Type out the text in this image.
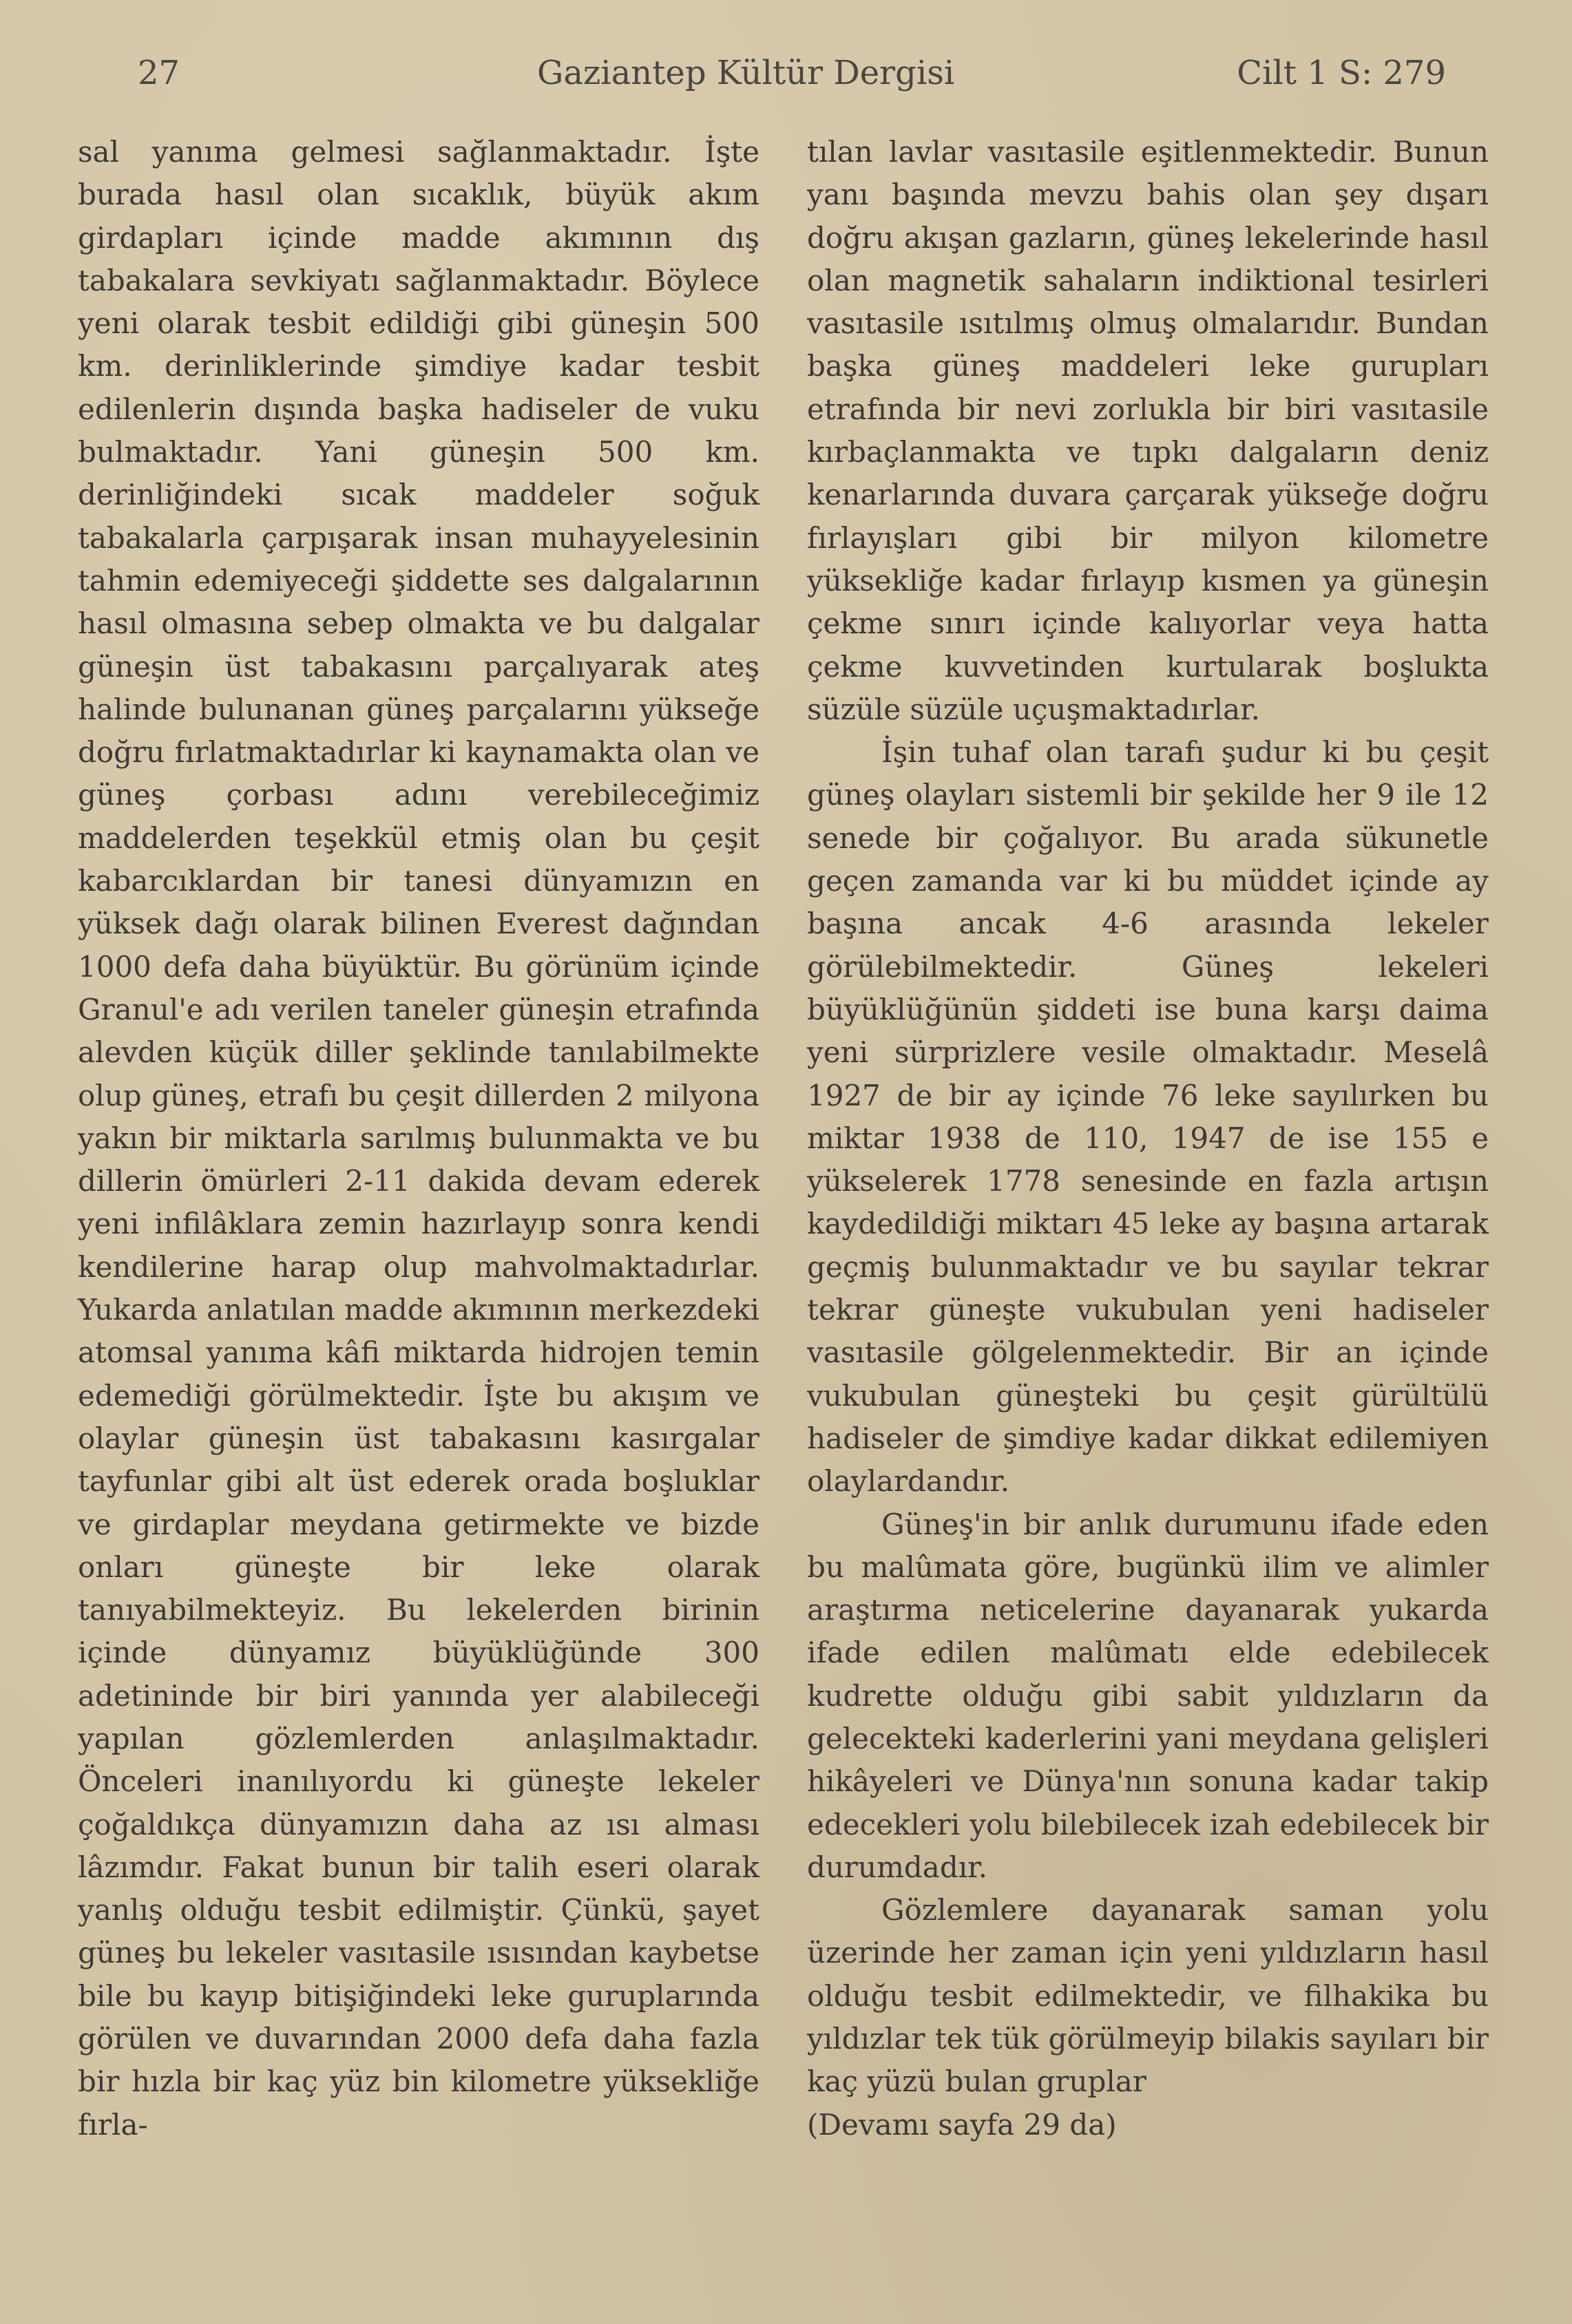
27	Gaziantep Kültür Dergisi	Cilt 1 S: 279

sal yanıma gelmesi sağlanmaktadır. İşte burada hasıl olan sıcaklık, büyük akım girdapları içinde madde akımının dış tabakalara sevkiyatı sağlanmaktadır. Böylece yeni olarak tesbit edildiği gibi güneşin 500 km. derinliklerinde şimdiye kadar tesbit edilenlerin dışında başka hadiseler de vuku bulmaktadır. Yani güneşin 500 km. derinliğindeki sıcak maddeler soğuk tabakalarla çarpışarak insan muhayyelesinin tahmin edemiyeceği şiddette ses dalgalarının hasıl olmasına sebep olmakta ve bu dalgalar güneşin üst tabakasını parçalıyarak ateş halinde bulunanan güneş parçalarını yükseğe doğru fırlatmaktadırlar ki kaynamakta olan ve güneş çorbası adını verebileceğimiz maddelerden teşekkül etmiş olan bu çeşit kabarcıklardan bir tanesi dünyamızın en yüksek dağı olarak bilinen Everest dağından 1000 defa daha büyüktür. Bu görünüm içinde Granul'e adı verilen taneler güneşin etrafında alevden küçük diller şeklinde tanılabilmekte olup güneş, etrafı bu çeşit dillerden 2 milyona yakın bir miktarla sarılmış bulunmakta ve bu dillerin ömürleri 2-11 dakida devam ederek yeni infilâklara zemin hazırlayıp sonra kendi kendilerine harap olup mahvolmaktadırlar. Yukarda anlatılan madde akımının merkezdeki atomsal yanıma kâfi miktarda hidrojen temin edemediği görülmektedir. İşte bu akışım ve olaylar güneşin üst tabakasını kasırgalar tayfunlar gibi alt üst ederek orada boşluklar ve girdaplar meydana getirmekte ve bizde onları güneşte bir leke olarak tanıyabilmekteyiz. Bu lekelerden birinin içinde dünyamız büyüklüğünde 300 adetininde bir biri yanında yer alabileceği yapılan gözlemlerden anlaşılmaktadır. Önceleri inanılıyordu ki güneşte lekeler çoğaldıkça dünyamızın daha az ısı alması lâzımdır. Fakat bunun bir talih eseri olarak yanlış olduğu tesbit edilmiştir. Çünkü, şayet güneş bu lekeler vasıtasile ısısından kaybetse bile bu kayıp bitişiğindeki leke guruplarında görülen ve duvarından 2000 defa daha fazla bir hızla bir kaç yüz bin kilometre yüksekliğe fırla-

tılan lavlar vasıtasile eşitlenmektedir. Bunun yanı başında mevzu bahis olan şey dışarı doğru akışan gazların, güneş lekelerinde hasıl olan magnetik sahaların indiktional tesirleri vasıtasile ısıtılmış olmuş olmalarıdır. Bundan başka güneş maddeleri leke gurupları etrafında bir nevi zorlukla bir biri vasıtasile kırbaçlanmakta ve tıpkı dalgaların deniz kenarlarında duvara çarçarak yükseğe doğru fırlayışları gibi bir milyon kilometre yüksekliğe kadar fırlayıp kısmen ya güneşin çekme sınırı içinde kalıyorlar veya hatta çekme kuvvetinden kurtularak boşlukta süzüle süzüle uçuşmaktadırlar.

İşin tuhaf olan tarafı şudur ki bu çeşit güneş olayları sistemli bir şekilde her 9 ile 12 senede bir çoğalıyor. Bu arada sükunetle geçen zamanda var ki bu müddet içinde ay başına ancak 4-6 arasında lekeler görülebilmektedir. Güneş lekeleri büyüklüğünün şiddeti ise buna karşı daima yeni sürprizlere vesile olmaktadır. Meselâ 1927 de bir ay içinde 76 leke sayılırken bu miktar 1938 de 110, 1947 de ise 155 e yükselerek 1778 senesinde en fazla artışın kaydedildiği miktarı 45 leke ay başına artarak geçmiş bulunmaktadır ve bu sayılar tekrar tekrar güneşte vukubulan yeni hadiseler vasıtasile gölgelenmektedir. Bir an içinde vukubulan güneşteki bu çeşit gürültülü hadiseler de şimdiye kadar dikkat edilemiyen olaylardandır.

Güneş'in bir anlık durumunu ifade eden bu malûmata göre, bugünkü ilim ve alimler araştırma neticelerine dayanarak yukarda ifade edilen malûmatı elde edebilecek kudrette olduğu gibi sabit yıldızların da gelecekteki kaderlerini yani meydana gelişleri hikâyeleri ve Dünya'nın sonuna kadar takip edecekleri yolu bilebilecek izah edebilecek bir durumdadır.

Gözlemlere dayanarak saman yolu üzerinde her zaman için yeni yıldızların hasıl olduğu tesbit edilmektedir, ve filhakika bu yıldızlar tek tük görülmeyip bilakis sayıları bir kaç yüzü bulan gruplar

(Devamı sayfa 29 da)
